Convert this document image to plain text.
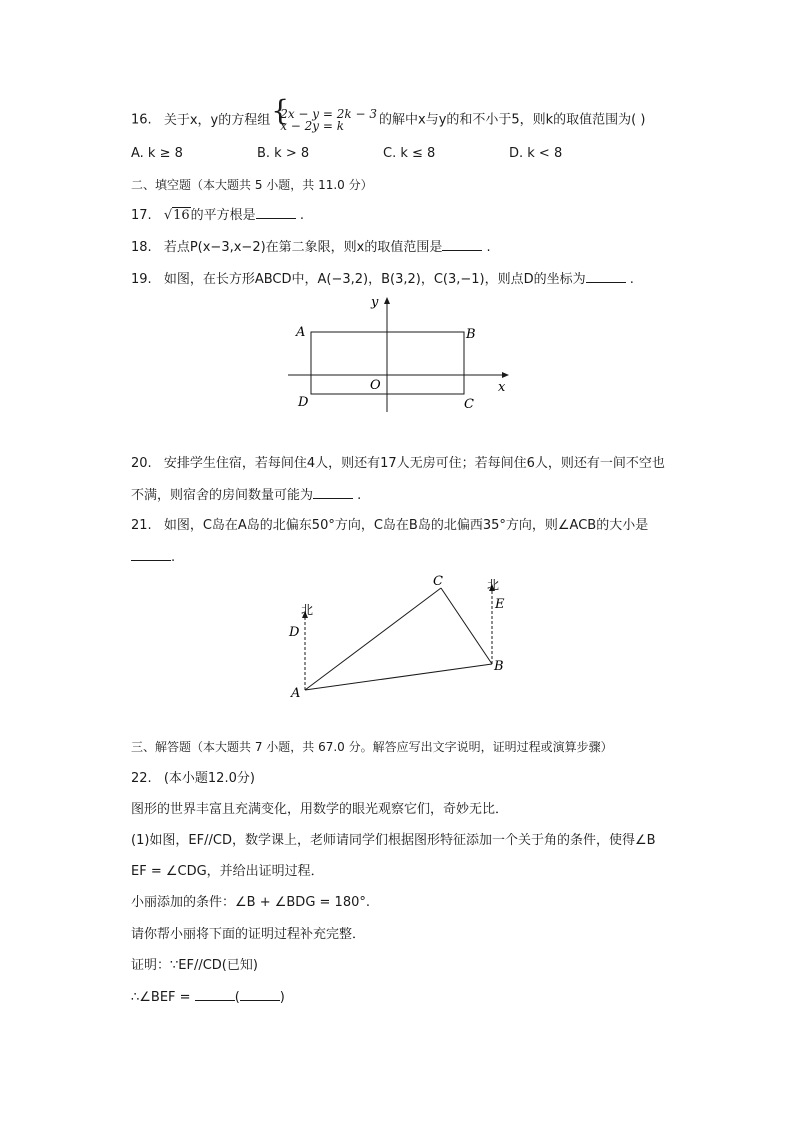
16. 关于x，y的方程组 {
2x − y = 2k − 3
x − 2y = k	的解中x与y的和不小于5，则k的取值范围为( )
A. k ≥ 8	B. k > 8	C. k ≤ 8	D. k < 8
二、填空题（本大题共 5 小题，共 11.0 分）
17. √16的平方根是	.
18. 若点P(x−3,x−2)在第二象限，则x的取值范围是	.
19. 如图，在长方形ABCD中，A(−3,2)，B(3,2)，C(3,−1)，则点D的坐标为	.
y
x
A	B
C
D
O
20. 安排学生住宿，若每间住4人，则还有17人无房可住；若每间住6人，则还有一间不空也
不满，则宿舍的房间数量可能为	.
21. 如图，C岛在A岛的北偏东50°方向，C岛在B岛的北偏西35°方向，则∠ACB的大小是
.
北
北
D
E
C
B
A
三、解答题（本大题共 7 小题，共 67.0 分。解答应写出文字说明，证明过程或演算步骤）
22. (本小题12.0分)
图形的世界丰富且充满变化，用数学的眼光观察它们，奇妙无比．
(1)如图，EF//CD，数学课上，老师请同学们根据图形特征添加一个关于角的条件，使得∠B
EF = ∠CDG，并给出证明过程．
小丽添加的条件：∠B + ∠BDG = 180°.
请你帮小丽将下面的证明过程补充完整．
证明：∵EF//CD(已知)
∴∠BEF =	(	)
